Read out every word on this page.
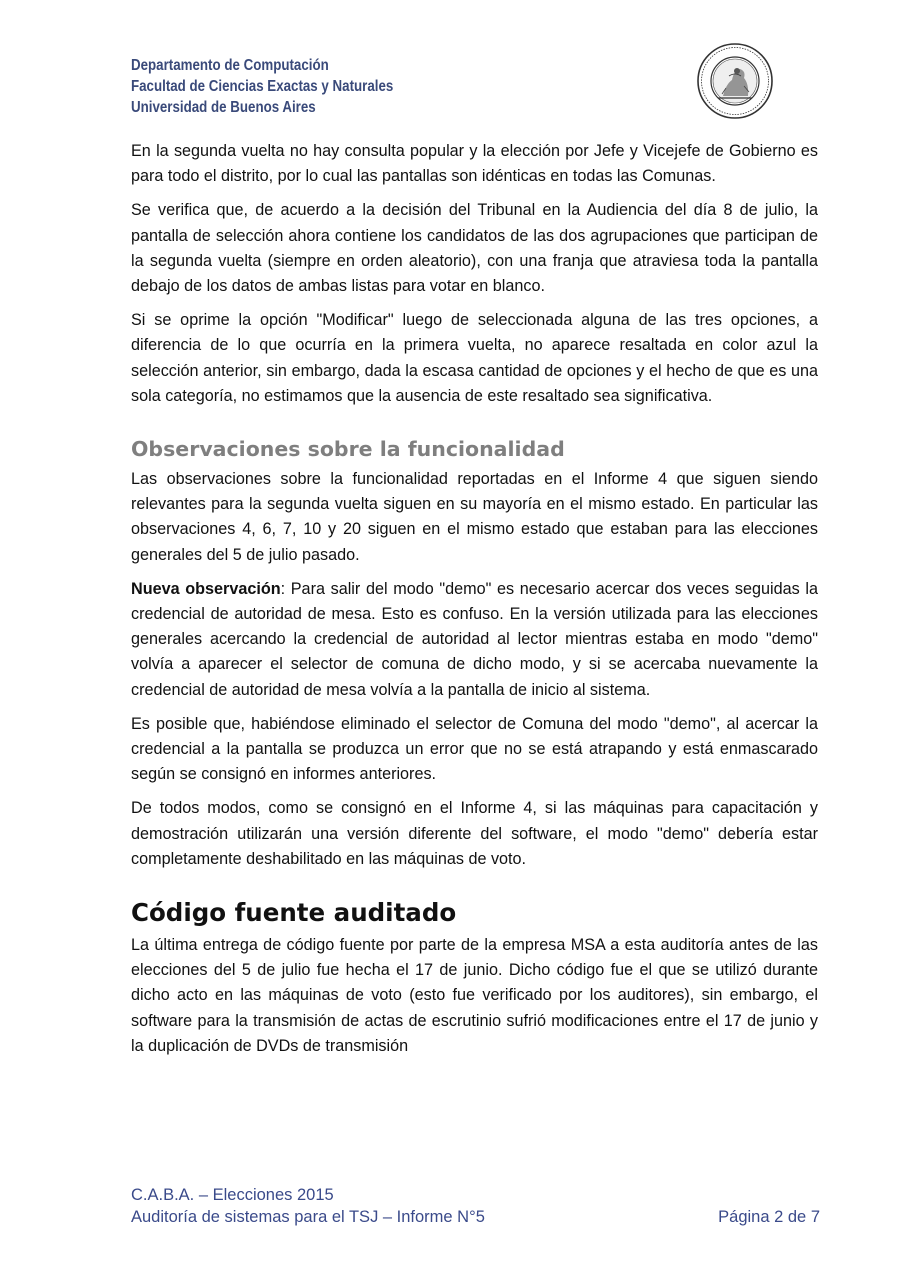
Departamento de Computación
Facultad de Ciencias Exactas y Naturales
Universidad de Buenos Aires

En la segunda vuelta no hay consulta popular y la elección por Jefe y Vicejefe de Gobierno es para todo el distrito, por lo cual las pantallas son idénticas en todas las Comunas.

Se verifica que, de acuerdo a la decisión del Tribunal en la Audiencia del día 8 de julio, la pantalla de selección ahora contiene los candidatos de las dos agrupaciones que participan de la segunda vuelta (siempre en orden aleatorio), con una franja que atraviesa toda la pantalla debajo de los datos de ambas listas para votar en blanco.

Si se oprime la opción "Modificar" luego de seleccionada alguna de las tres opciones, a diferencia de lo que ocurría en la primera vuelta, no aparece resaltada en color azul la selección anterior, sin embargo, dada la escasa cantidad de opciones y el hecho de que es una sola categoría, no estimamos que la ausencia de este resaltado sea significativa.

Observaciones sobre la funcionalidad

Las observaciones sobre la funcionalidad reportadas en el Informe 4 que siguen siendo relevantes para la segunda vuelta siguen en su mayoría en el mismo estado. En particular las observaciones 4, 6, 7, 10 y 20 siguen en el mismo estado que estaban para las elecciones generales del 5 de julio pasado.

Nueva observación: Para salir del modo "demo" es necesario acercar dos veces seguidas la credencial de autoridad de mesa. Esto es confuso. En la versión utilizada para las elecciones generales acercando la credencial de autoridad al lector mientras estaba en modo "demo" volvía a aparecer el selector de comuna de dicho modo, y si se acercaba nuevamente la credencial de autoridad de mesa volvía a la pantalla de inicio al sistema.

Es posible que, habiéndose eliminado el selector de Comuna del modo "demo", al acercar la credencial a la pantalla se produzca un error que no se está atrapando y está enmascarado según se consignó en informes anteriores.

De todos modos, como se consignó en el Informe 4, si las máquinas para capacitación y demostración utilizarán una versión diferente del software, el modo "demo" debería estar completamente deshabilitado en las máquinas de voto.

Código fuente auditado

La última entrega de código fuente por parte de la empresa MSA a esta auditoría antes de las elecciones del 5 de julio fue hecha el 17 de junio. Dicho código fue el que se utilizó durante dicho acto en las máquinas de voto (esto fue verificado por los auditores), sin embargo, el software para la transmisión de actas de escrutinio sufrió modificaciones entre el 17 de junio y la duplicación de DVDs de transmisión

C.A.B.A. – Elecciones 2015
Auditoría de sistemas para el TSJ – Informe N°5	Página 2 de 7
